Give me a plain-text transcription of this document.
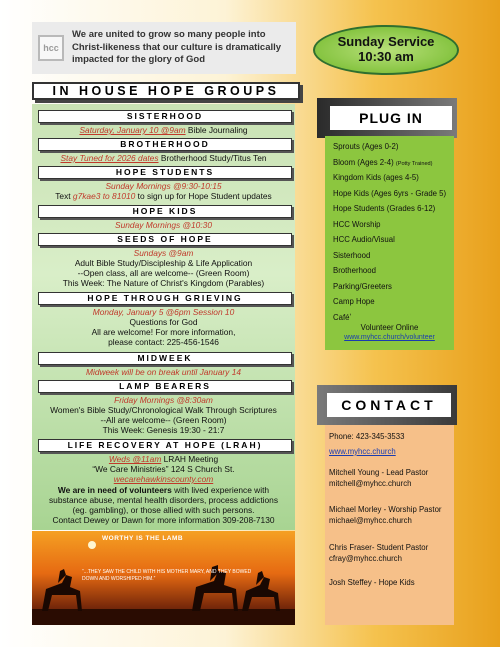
hcc
We are united to grow so many people into Christ-likeness that our culture is dramatically impacted for the glory of God
Sunday Service
10:30 am
IN HOUSE HOPE GROUPS
SISTERHOOD
Saturday, January 10 @9am Bible Journaling
BROTHERHOOD
Stay Tuned for 2026 dates Brotherhood Study/Titus Ten
HOPE STUDENTS
Sunday Mornings @9:30-10:15
Text g7kae3 to 81010 to sign up for Hope Student updates
HOPE KIDS
Sunday Mornings @10:30
SEEDS OF HOPE
Sundays @9am
Adult Bible Study/Discipleship & Life Application
--Open class, all are welcome-- (Green Room)
This Week: The Nature of Christ's Kingdom (Parables)
HOPE THROUGH GRIEVING
Monday, January 5 @6pm Session 10
Questions for God
All are welcome! For more information,
please contact: 225-456-1546
MIDWEEK
Midweek will be on break until January 14
LAMP BEARERS
Friday Mornings @8:30am
Women's Bible Study/Chronological Walk Through Scriptures
--All are welcome-- (Green Room)
This Week: Genesis 19:30 - 21:7
LIFE RECOVERY AT HOPE (LRAH)
Weds @11am LRAH Meeting
“We Care Ministries” 124 S Church St.
wecarehawkinscounty.com
We are in need of volunteers with lived experience with
substance abuse, mental health disorders, process addictions
(eg. gambling), or those allied with such persons.
Contact Dewey or Dawn for more information 309-208-7130
WORTHY IS THE LAMB
“...THEY SAW THE CHILD WITH HIS MOTHER MARY, AND THEY BOWED DOWN AND WORSHIPED HIM.”
PLUG IN
Sprouts (Ages 0-2)
Bloom (Ages 2-4) (Potty Trained)
Kingdom Kids (ages 4-5)
Hope Kids (Ages 6yrs - Grade 5)
Hope Students (Grades 6-12)
HCC Worship
HCC Audio/Visual
Sisterhood
Brotherhood
Parking/Greeters
Camp Hope
Caféʼ
Volunteer Online
www.myhcc.church/volunteer
CONTACT
Phone: 423-345-3533
www.myhcc.church
Mitchell Young - Lead Pastor
mitchell@myhcc.church
Michael Morley - Worship Pastor
michael@myhcc.church
Chris Fraser- Student Pastor
cfray@myhcc.church
Josh Steffey - Hope Kids
